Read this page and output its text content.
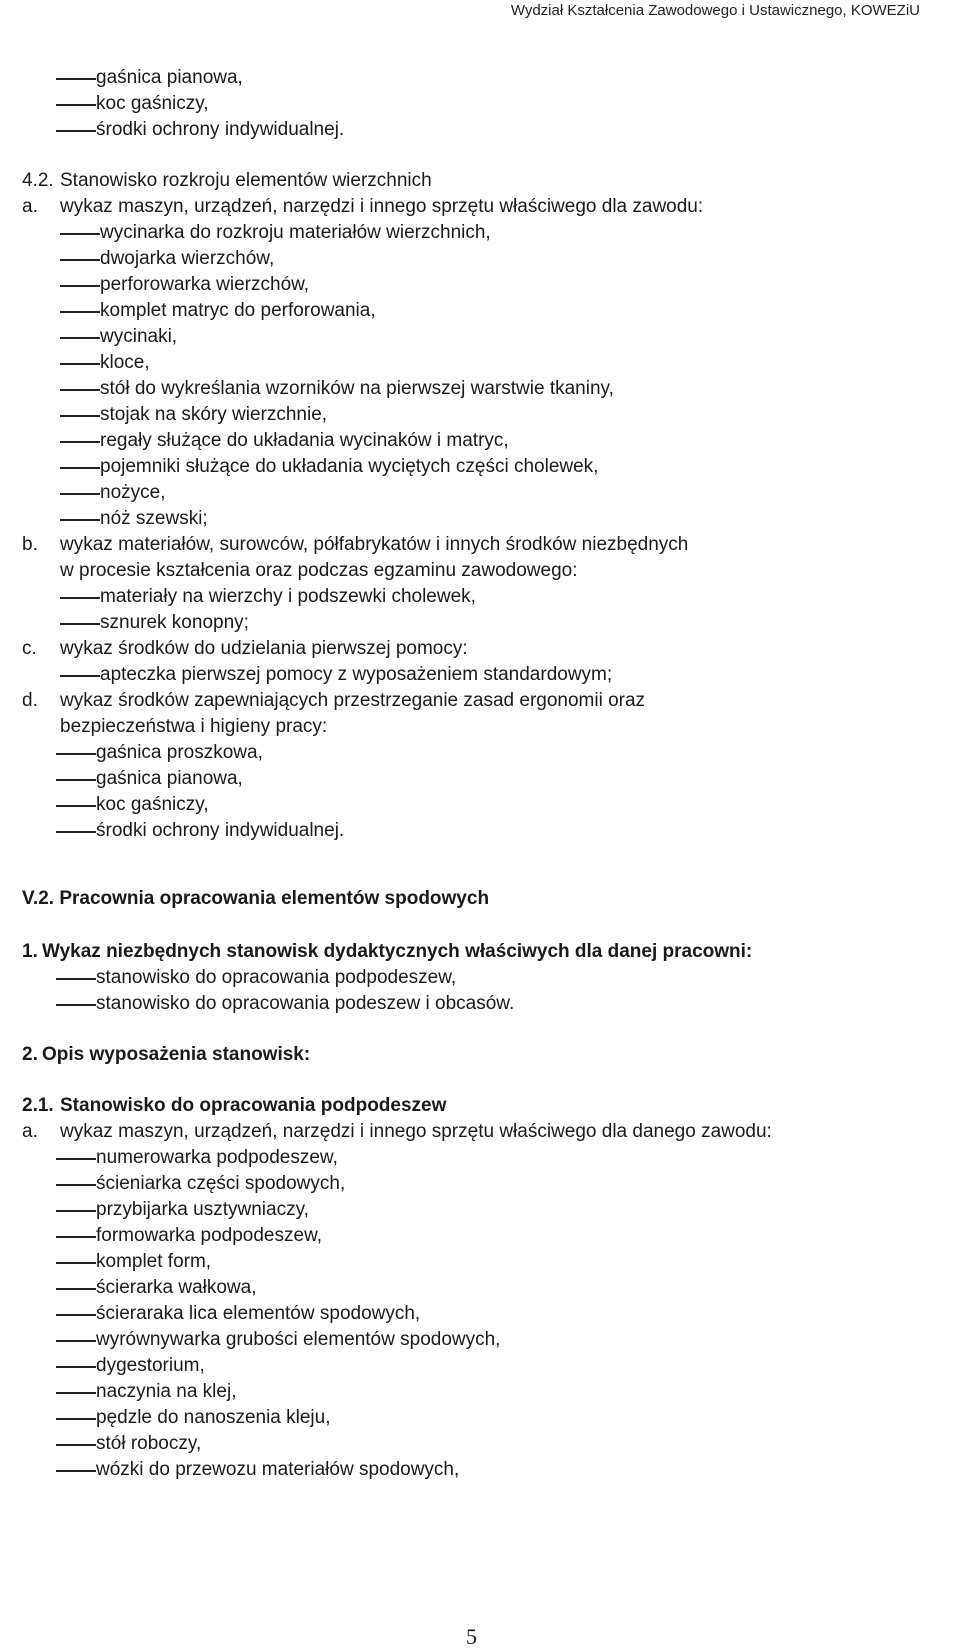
Wydział Kształcenia Zawodowego i Ustawicznego, KOWEZiU
gaśnica pianowa,
koc gaśniczy,
środki ochrony indywidualnej.
4.2. Stanowisko rozkroju elementów wierzchnich
a. wykaz maszyn, urządzeń, narzędzi i innego sprzętu właściwego dla zawodu:
wycinarka do rozkroju materiałów wierzchnich,
dwojarka wierzchów,
perforowarka wierzchów,
komplet matryc do perforowania,
wycinaki,
kloce,
stół do wykreślania wzorników na pierwszej warstwie tkaniny,
stojak na skóry wierzchnie,
regały służące do układania wycinaków i matryc,
pojemniki służące do układania wyciętych części cholewek,
nożyce,
nóż szewski;
b. wykaz materiałów, surowców, półfabrykatów i innych środków niezbędnych
w procesie kształcenia oraz podczas egzaminu zawodowego:
materiały na wierzchy i podszewki cholewek,
sznurek konopny;
c. wykaz środków do udzielania pierwszej pomocy:
apteczka pierwszej pomocy z wyposażeniem standardowym;
d. wykaz środków zapewniających przestrzeganie zasad ergonomii oraz
bezpieczeństwa i higieny pracy:
gaśnica proszkowa,
gaśnica pianowa,
koc gaśniczy,
środki ochrony indywidualnej.
V.2. Pracownia opracowania elementów spodowych
1. Wykaz niezbędnych stanowisk dydaktycznych właściwych dla danej pracowni:
stanowisko do opracowania podpodeszew,
stanowisko do opracowania podeszew i obcasów.
2. Opis wyposażenia stanowisk:
2.1. Stanowisko do opracowania podpodeszew
a. wykaz maszyn, urządzeń, narzędzi i innego sprzętu właściwego dla danego zawodu:
numerowarka podpodeszew,
ścieniarka części spodowych,
przybijarka usztywniaczy,
formowarka podpodeszew,
komplet form,
ścierarka wałkowa,
ścieraraka lica elementów spodowych,
wyrównywarka grubości elementów spodowych,
dygestorium,
naczynia na klej,
pędzle do nanoszenia kleju,
stół roboczy,
wózki do przewozu materiałów spodowych,
5
